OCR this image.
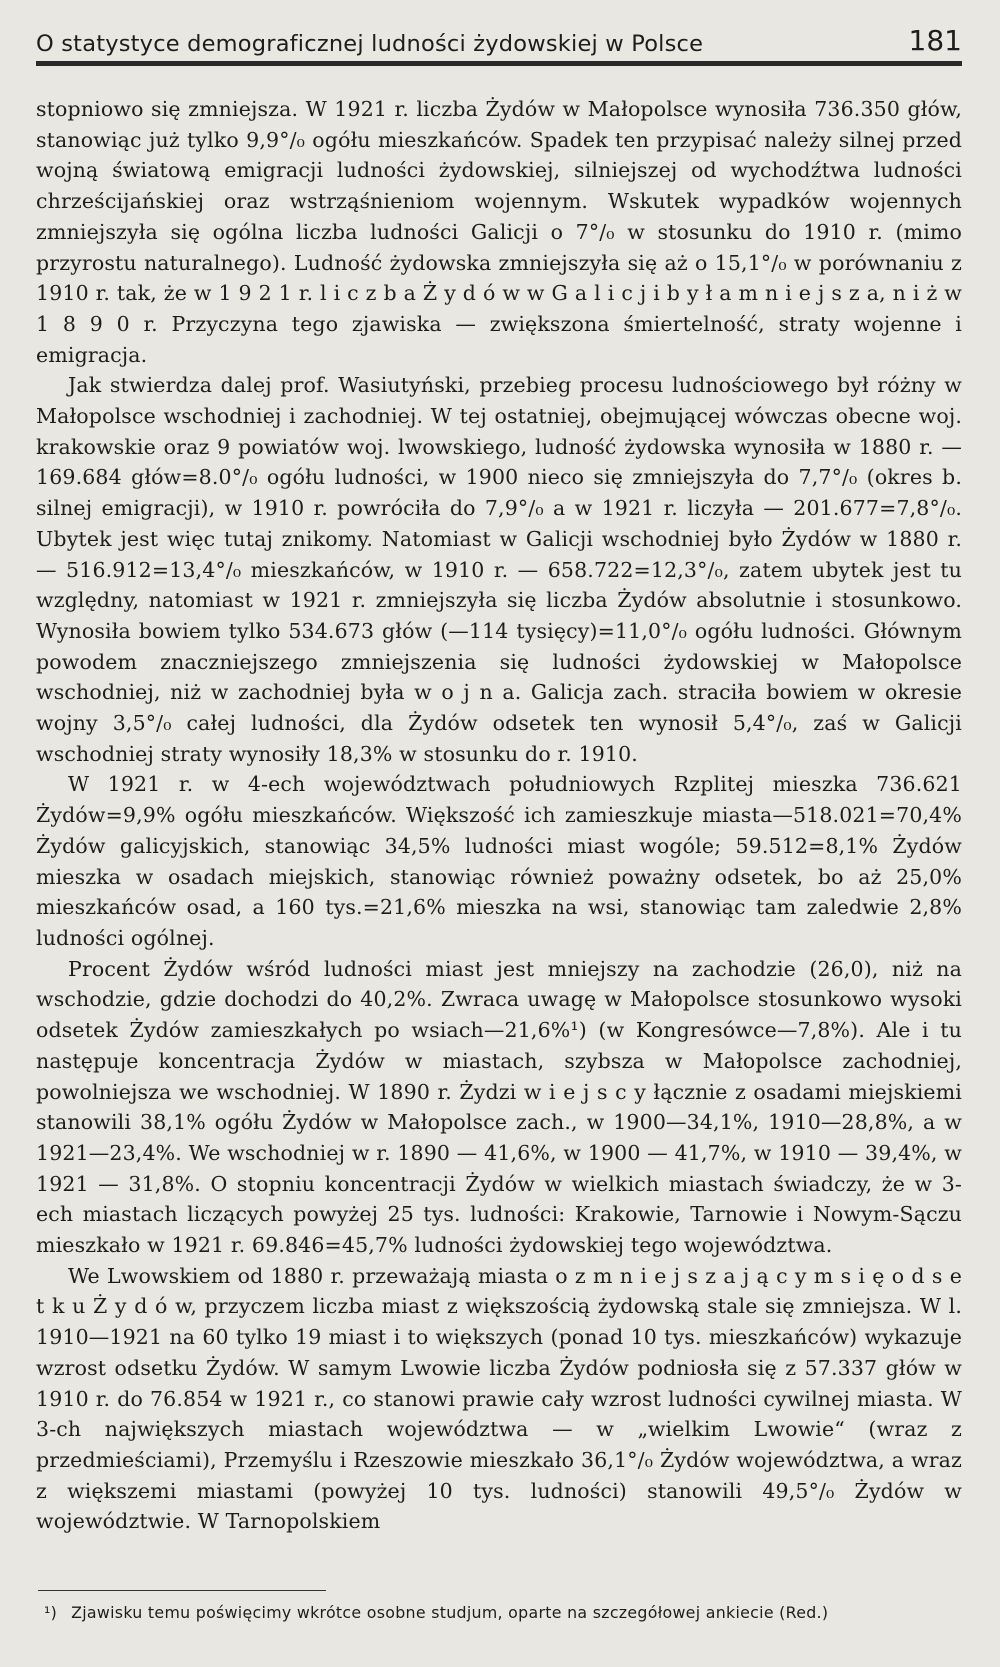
O statystyce demograficznej ludności żydowskiej w Polsce	181

stopniowo się zmniejsza. W 1921 r. liczba Żydów w Małopolsce wynosiła 736.350 głów, stanowiąc już tylko 9,9°/₀ ogółu mieszkańców. Spadek ten przypisać należy silnej przed wojną światową emigracji ludności żydowskiej, silniejszej od wychodźtwa ludności chrześcijańskiej oraz wstrząśnieniom wojennym. Wskutek wypadków wojennych zmniejszyła się ogólna liczba ludności Galicji o 7°/₀ w stosunku do 1910 r. (mimo przyrostu naturalnego). Ludność żydowska zmniejszyła się aż o 15,1°/₀ w porównaniu z 1910 r. tak, że w 1 9 2 1 r. l i c z b a Ż y d ó w w G a l i c j i b y ł a m n i e j s z a, n i ż w 1 8 9 0 r. Przyczyna tego zjawiska — zwiększona śmiertelność, straty wojenne i emigracja.

Jak stwierdza dalej prof. Wasiutyński, przebieg procesu ludnościowego był różny w Małopolsce wschodniej i zachodniej. W tej ostatniej, obejmującej wówczas obecne woj. krakowskie oraz 9 powiatów woj. lwowskiego, ludność żydowska wynosiła w 1880 r. — 169.684 głów=8.0°/₀ ogółu ludności, w 1900 nieco się zmniejszyła do 7,7°/₀ (okres b. silnej emigracji), w 1910 r. powróciła do 7,9°/₀ a w 1921 r. liczyła — 201.677=7,8°/₀. Ubytek jest więc tutaj znikomy. Natomiast w Galicji wschodniej było Żydów w 1880 r. — 516.912=13,4°/₀ mieszkańców, w 1910 r. — 658.722=12,3°/₀, zatem ubytek jest tu względny, natomiast w 1921 r. zmniejszyła się liczba Żydów absolutnie i stosunkowo. Wynosiła bowiem tylko 534.673 głów (—114 tysięcy)=11,0°/₀ ogółu ludności. Głównym powodem znaczniejszego zmniejszenia się ludności żydowskiej w Małopolsce wschodniej, niż w zachodniej była w o j n a. Galicja zach. straciła bowiem w okresie wojny 3,5°/₀ całej ludności, dla Żydów odsetek ten wynosił 5,4°/₀, zaś w Galicji wschodniej straty wynosiły 18,3% w stosunku do r. 1910.

W 1921 r. w 4-ech województwach południowych Rzplitej mieszka 736.621 Żydów=9,9% ogółu mieszkańców. Większość ich zamieszkuje miasta—518.021=70,4% Żydów galicyjskich, stanowiąc 34,5% ludności miast wogóle; 59.512=8,1% Żydów mieszka w osadach miejskich, stanowiąc również poważny odsetek, bo aż 25,0% mieszkańców osad, a 160 tys.=21,6% mieszka na wsi, stanowiąc tam zaledwie 2,8% ludności ogólnej.

Procent Żydów wśród ludności miast jest mniejszy na zachodzie (26,0), niż na wschodzie, gdzie dochodzi do 40,2%. Zwraca uwagę w Małopolsce stosunkowo wysoki odsetek Żydów zamieszkałych po wsiach—21,6%¹) (w Kongresówce—7,8%). Ale i tu następuje koncentracja Żydów w miastach, szybsza w Małopolsce zachodniej, powolniejsza we wschodniej. W 1890 r. Żydzi w i e j s c y łącznie z osadami miejskiemi stanowili 38,1% ogółu Żydów w Małopolsce zach., w 1900—34,1%, 1910—28,8%, a w 1921—23,4%. We wschodniej w r. 1890 — 41,6%, w 1900 — 41,7%, w 1910 — 39,4%, w 1921 — 31,8%. O stopniu koncentracji Żydów w wielkich miastach świadczy, że w 3-ech miastach liczących powyżej 25 tys. ludności: Krakowie, Tarnowie i Nowym-Sączu mieszkało w 1921 r. 69.846=45,7% ludności żydowskiej tego województwa.

We Lwowskiem od 1880 r. przeważają miasta o z m n i e j s z a j ą c y m s i ę o d s e t k u Ż y d ó w, przyczem liczba miast z większością żydowską stale się zmniejsza. W l. 1910—1921 na 60 tylko 19 miast i to większych (ponad 10 tys. mieszkańców) wykazuje wzrost odsetku Żydów. W samym Lwowie liczba Żydów podniosła się z 57.337 głów w 1910 r. do 76.854 w 1921 r., co stanowi prawie cały wzrost ludności cywilnej miasta. W 3-ch największych miastach województwa — w „wielkim Lwowie“ (wraz z przedmieściami), Przemyślu i Rzeszowie mieszkało 36,1°/₀ Żydów województwa, a wraz z większemi miastami (powyżej 10 tys. ludności) stanowili 49,5°/₀ Żydów w województwie. W Tarnopolskiem

¹) Zjawisku temu poświęcimy wkrótce osobne studjum, oparte na szczegółowej ankiecie (Red.)
